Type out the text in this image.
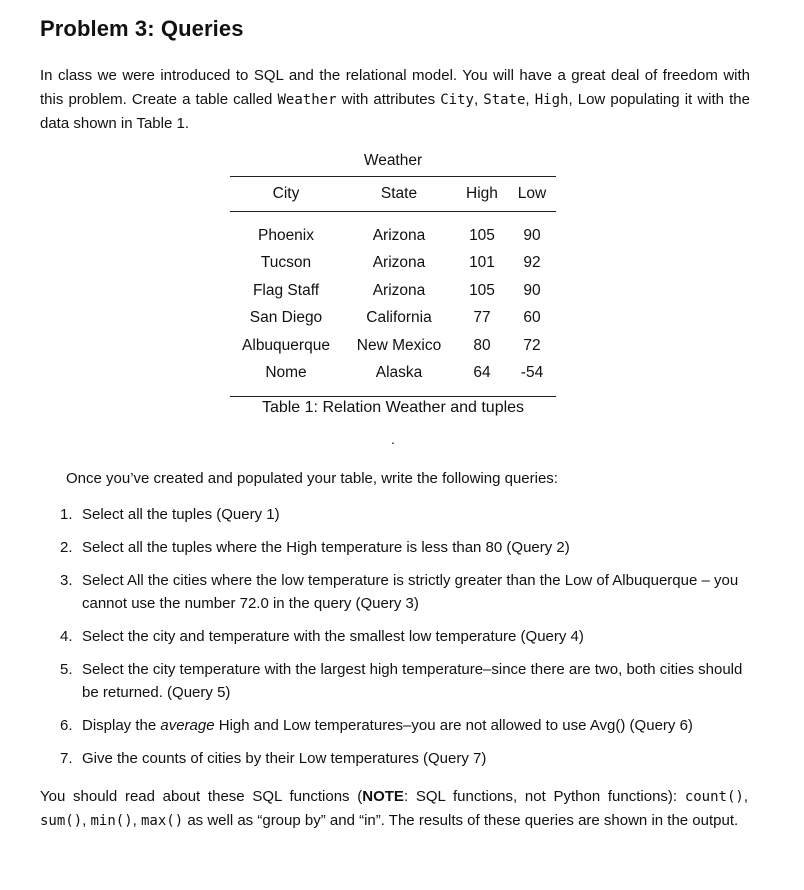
Problem 3: Queries

In class we were introduced to SQL and the relational model. You will have a great deal of freedom with this problem. Create a table called Weather with attributes City, State, High, Low populating it with the data shown in Table 1.

Weather
City	State	High	Low
Phoenix	Arizona	105	90
Tucson	Arizona	101	92
Flag Staff	Arizona	105	90
San Diego	California	77	60
Albuquerque	New Mexico	80	72
Nome	Alaska	64	-54
Table 1: Relation Weather and tuples
.

Once you’ve created and populated your table, write the following queries:

1. Select all the tuples (Query 1)
2. Select all the tuples where the High temperature is less than 80 (Query 2)
3. Select All the cities where the low temperature is strictly greater than the Low of Albuquerque – you cannot use the number 72.0 in the query (Query 3)
4. Select the city and temperature with the smallest low temperature (Query 4)
5. Select the city temperature with the largest high temperature–since there are two, both cities should be returned. (Query 5)
6. Display the average High and Low temperatures–you are not allowed to use Avg() (Query 6)
7. Give the counts of cities by their Low temperatures (Query 7)

You should read about these SQL functions (NOTE: SQL functions, not Python functions): count(), sum(), min(), max() as well as “group by” and “in”. The results of these queries are shown in the output.
